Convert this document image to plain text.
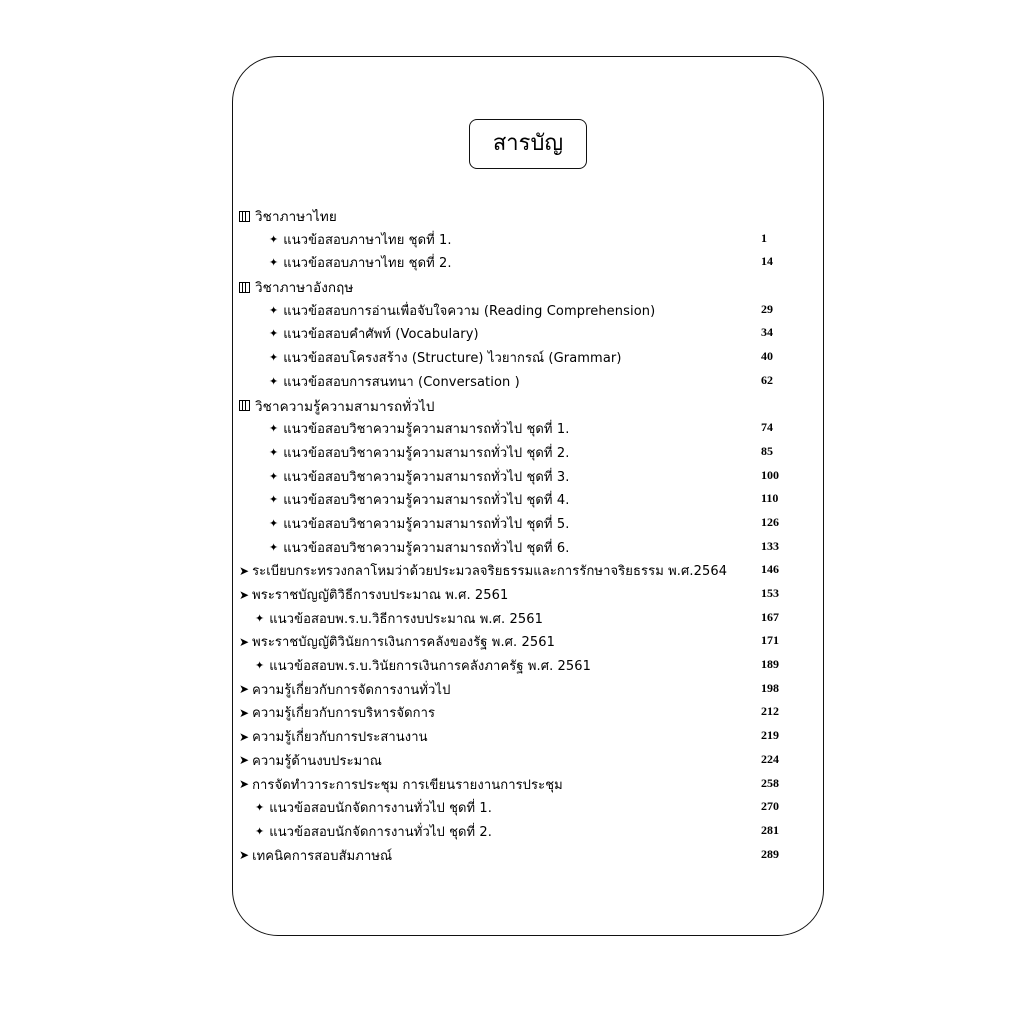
สารบัญ
วิชาภาษาไทย
✦ แนวข้อสอบภาษาไทย ชุดที่ 1.	1
✦ แนวข้อสอบภาษาไทย ชุดที่ 2.	14
วิชาภาษาอังกฤษ
✦ แนวข้อสอบการอ่านเพื่อจับใจความ (Reading Comprehension)	29
✦ แนวข้อสอบคำศัพท์ (Vocabulary)	34
✦ แนวข้อสอบโครงสร้าง (Structure) ไวยากรณ์ (Grammar)	40
✦ แนวข้อสอบการสนทนา (Conversation )	62
วิชาความรู้ความสามารถทั่วไป
✦ แนวข้อสอบวิชาความรู้ความสามารถทั่วไป ชุดที่ 1.	74
✦ แนวข้อสอบวิชาความรู้ความสามารถทั่วไป ชุดที่ 2.	85
✦ แนวข้อสอบวิชาความรู้ความสามารถทั่วไป ชุดที่ 3.	100
✦ แนวข้อสอบวิชาความรู้ความสามารถทั่วไป ชุดที่ 4.	110
✦ แนวข้อสอบวิชาความรู้ความสามารถทั่วไป ชุดที่ 5.	126
✦ แนวข้อสอบวิชาความรู้ความสามารถทั่วไป ชุดที่ 6.	133
➤ ระเบียบกระทรวงกลาโหมว่าด้วยประมวลจริยธรรมและการรักษาจริยธรรม พ.ศ.2564	146
➤ พระราชบัญญัติวิธีการงบประมาณ พ.ศ. 2561	153
✦ แนวข้อสอบพ.ร.บ.วิธีการงบประมาณ พ.ศ. 2561	167
➤ พระราชบัญญัติวินัยการเงินการคลังของรัฐ พ.ศ. 2561	171
✦ แนวข้อสอบพ.ร.บ.วินัยการเงินการคลังภาครัฐ พ.ศ. 2561	189
➤ ความรู้เกี่ยวกับการจัดการงานทั่วไป	198
➤ ความรู้เกี่ยวกับการบริหารจัดการ	212
➤ ความรู้เกี่ยวกับการประสานงาน	219
➤ ความรู้ด้านงบประมาณ	224
➤ การจัดทำวาระการประชุม การเขียนรายงานการประชุม	258
✦ แนวข้อสอบนักจัดการงานทั่วไป ชุดที่ 1.	270
✦ แนวข้อสอบนักจัดการงานทั่วไป ชุดที่ 2.	281
➤ เทคนิคการสอบสัมภาษณ์	289
